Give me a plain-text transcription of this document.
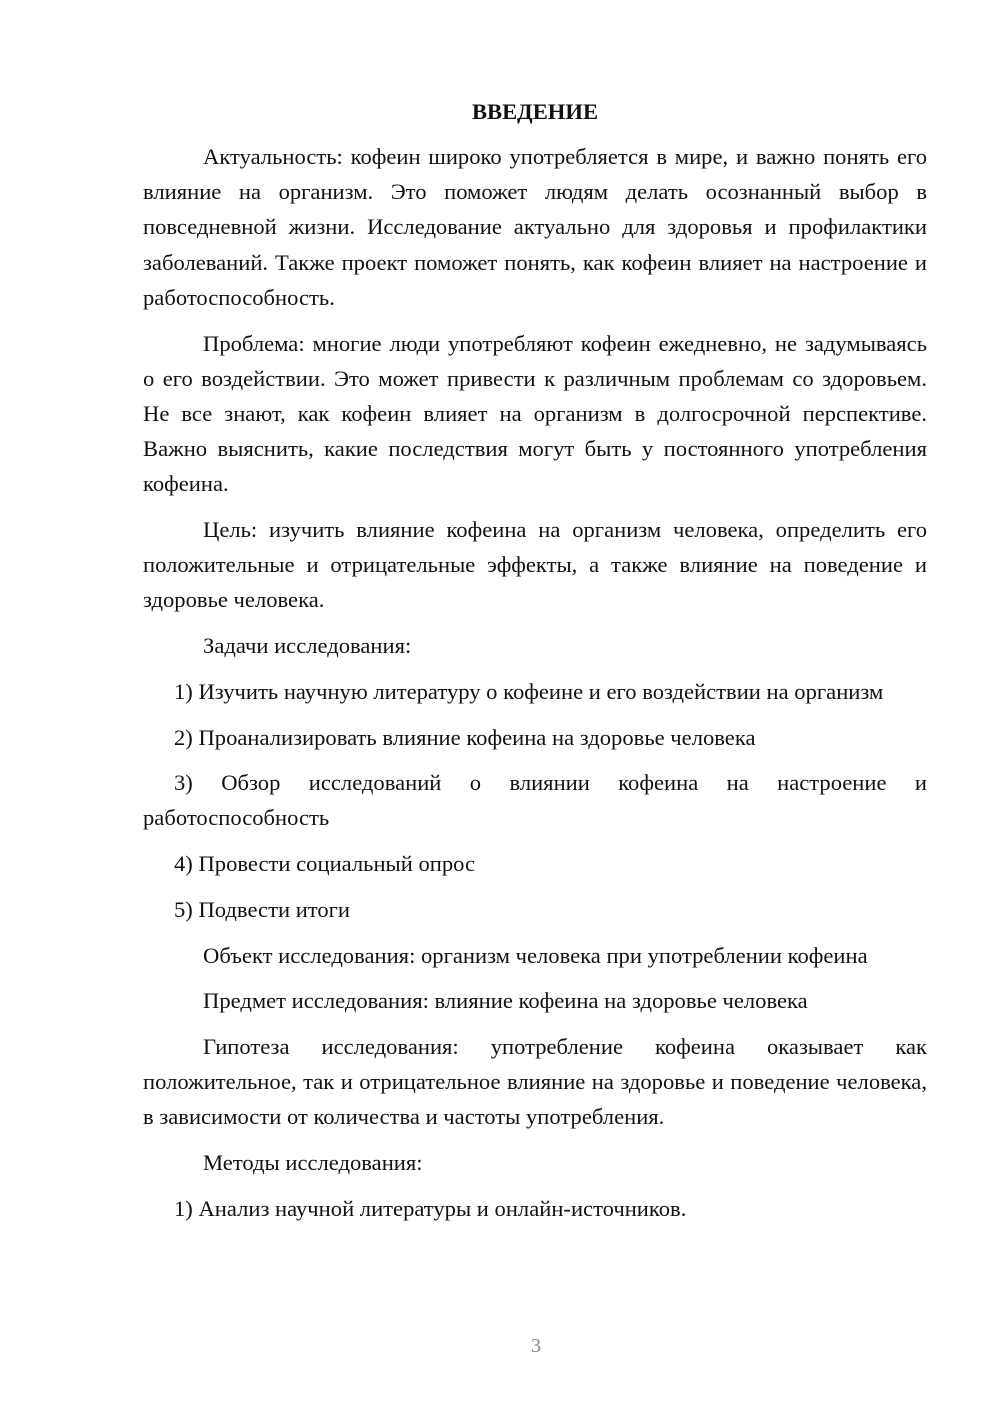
ВВЕДЕНИЕ

Актуальность: кофеин широко употребляется в мире, и важно понять его влияние на организм. Это поможет людям делать осознанный выбор в повседневной жизни. Исследование актуально для здоровья и профилактики заболеваний. Также проект поможет понять, как кофеин влияет на настроение и работоспособность.

Проблема: многие люди употребляют кофеин ежедневно, не задумываясь о его воздействии. Это может привести к различным проблемам со здоровьем. Не все знают, как кофеин влияет на организм в долгосрочной перспективе. Важно выяснить, какие последствия могут быть у постоянного употребления кофеина.

Цель: изучить влияние кофеина на организм человека, определить его положительные и отрицательные эффекты, а также влияние на поведение и здоровье человека.

Задачи исследования:

1) Изучить научную литературу о кофеине и его воздействии на организм

2) Проанализировать влияние кофеина на здоровье человека

3) Обзор исследований о влиянии кофеина на настроение и работоспособность

4) Провести социальный опрос

5) Подвести итоги

Объект исследования: организм человека при употреблении кофеина

Предмет исследования: влияние кофеина на здоровье человека

Гипотеза исследования: употребление кофеина оказывает как положительное, так и отрицательное влияние на здоровье и поведение человека, в зависимости от количества и частоты употребления.

Методы исследования:

1) Анализ научной литературы и онлайн-источников.

3
